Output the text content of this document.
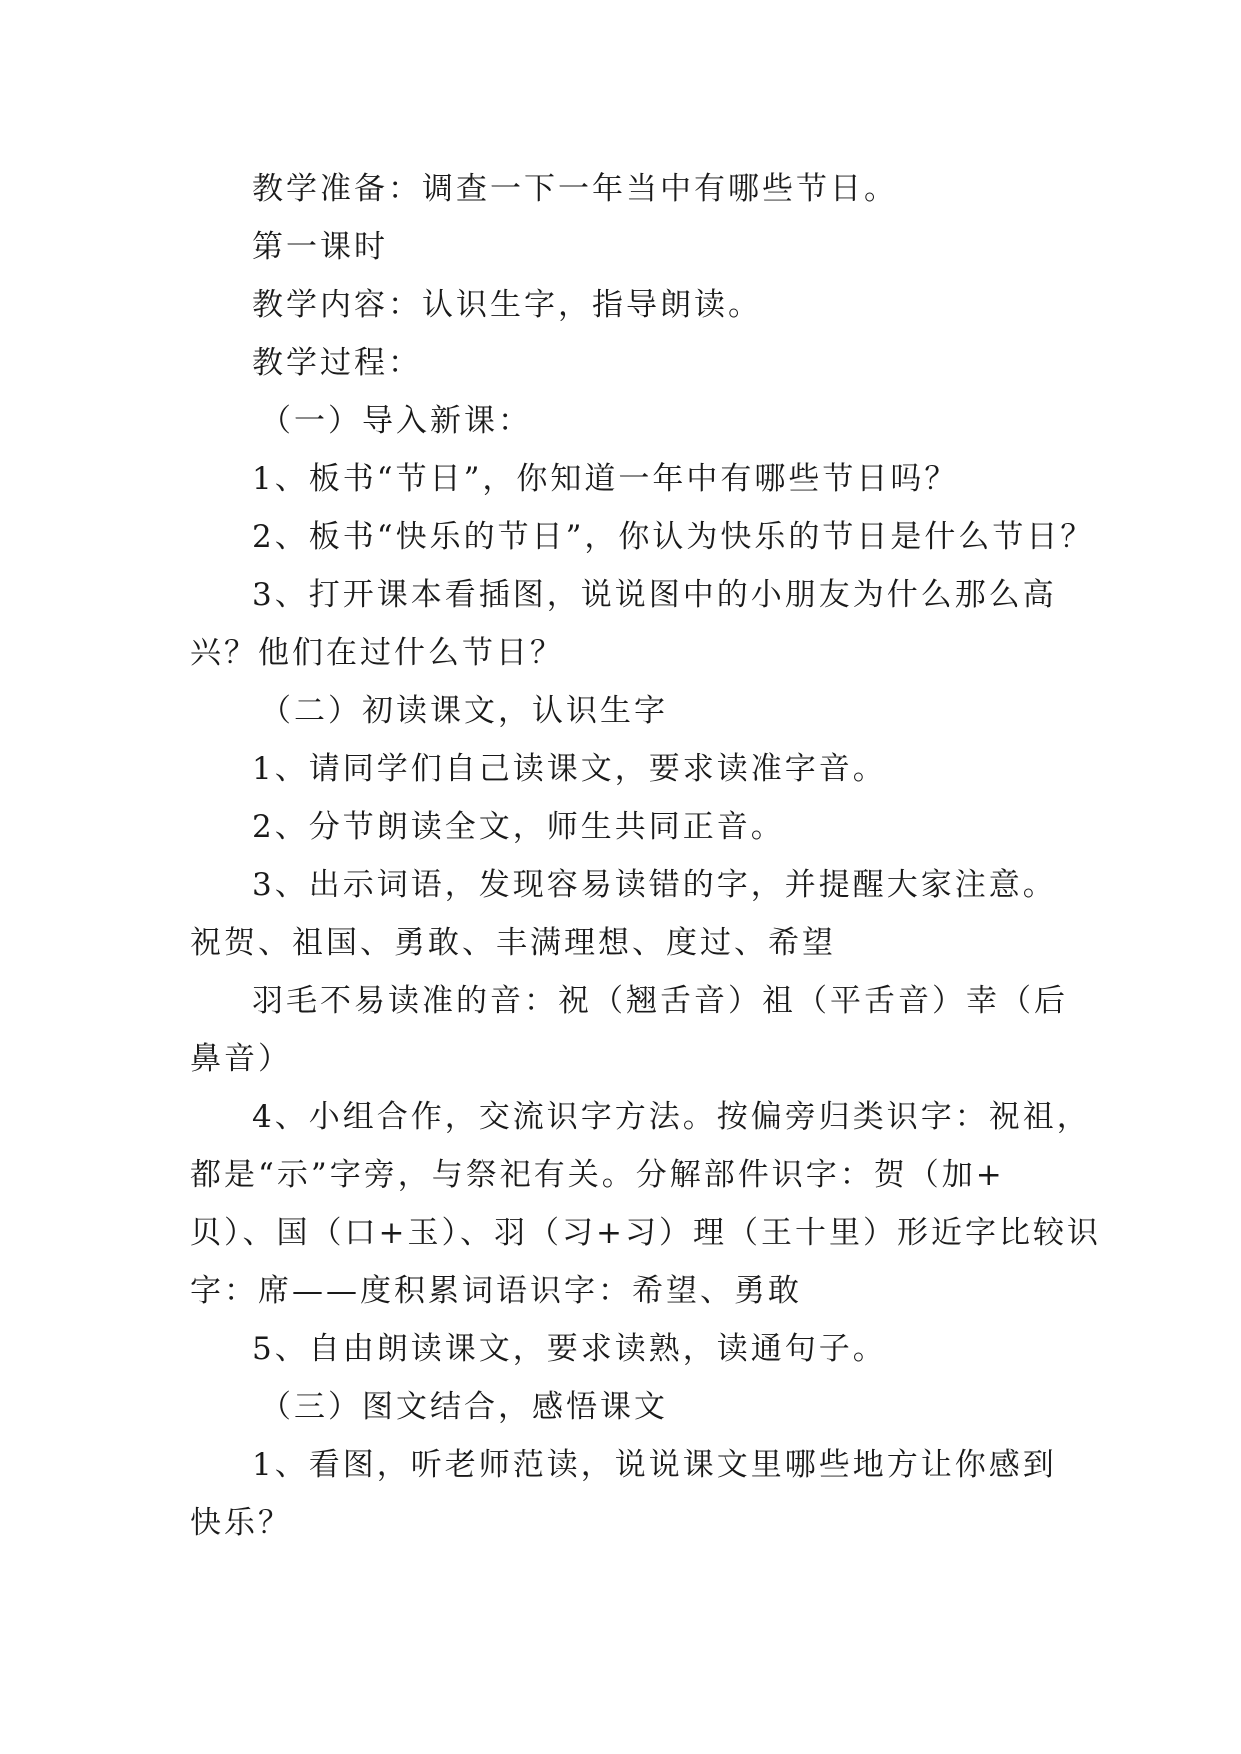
教学准备：调查一下一年当中有哪些节日。
第一课时
教学内容：认识生字，指导朗读。
教学过程：
（一）导入新课：
1、板书“节日”，你知道一年中有哪些节日吗？
2、板书“快乐的节日”，你认为快乐的节日是什么节日？
3、打开课本看插图，说说图中的小朋友为什么那么高
兴？他们在过什么节日？
（二）初读课文，认识生字
1、请同学们自己读课文，要求读准字音。
2、分节朗读全文，师生共同正音。
3、出示词语，发现容易读错的字，并提醒大家注意。
祝贺、祖国、勇敢、丰满理想、度过、希望
羽毛不易读准的音：祝（翘舌音）祖（平舌音）幸（后
鼻音）
4、小组合作，交流识字方法。按偏旁归类识字：祝祖，
都是“示”字旁，与祭祀有关。分解部件识字：贺（加+
贝）、国（口+玉）、羽（习+习）理（王十里）形近字比较识
字：席——度积累词语识字：希望、勇敢
5、自由朗读课文，要求读熟，读通句子。
（三）图文结合，感悟课文
1、看图，听老师范读，说说课文里哪些地方让你感到
快乐？
